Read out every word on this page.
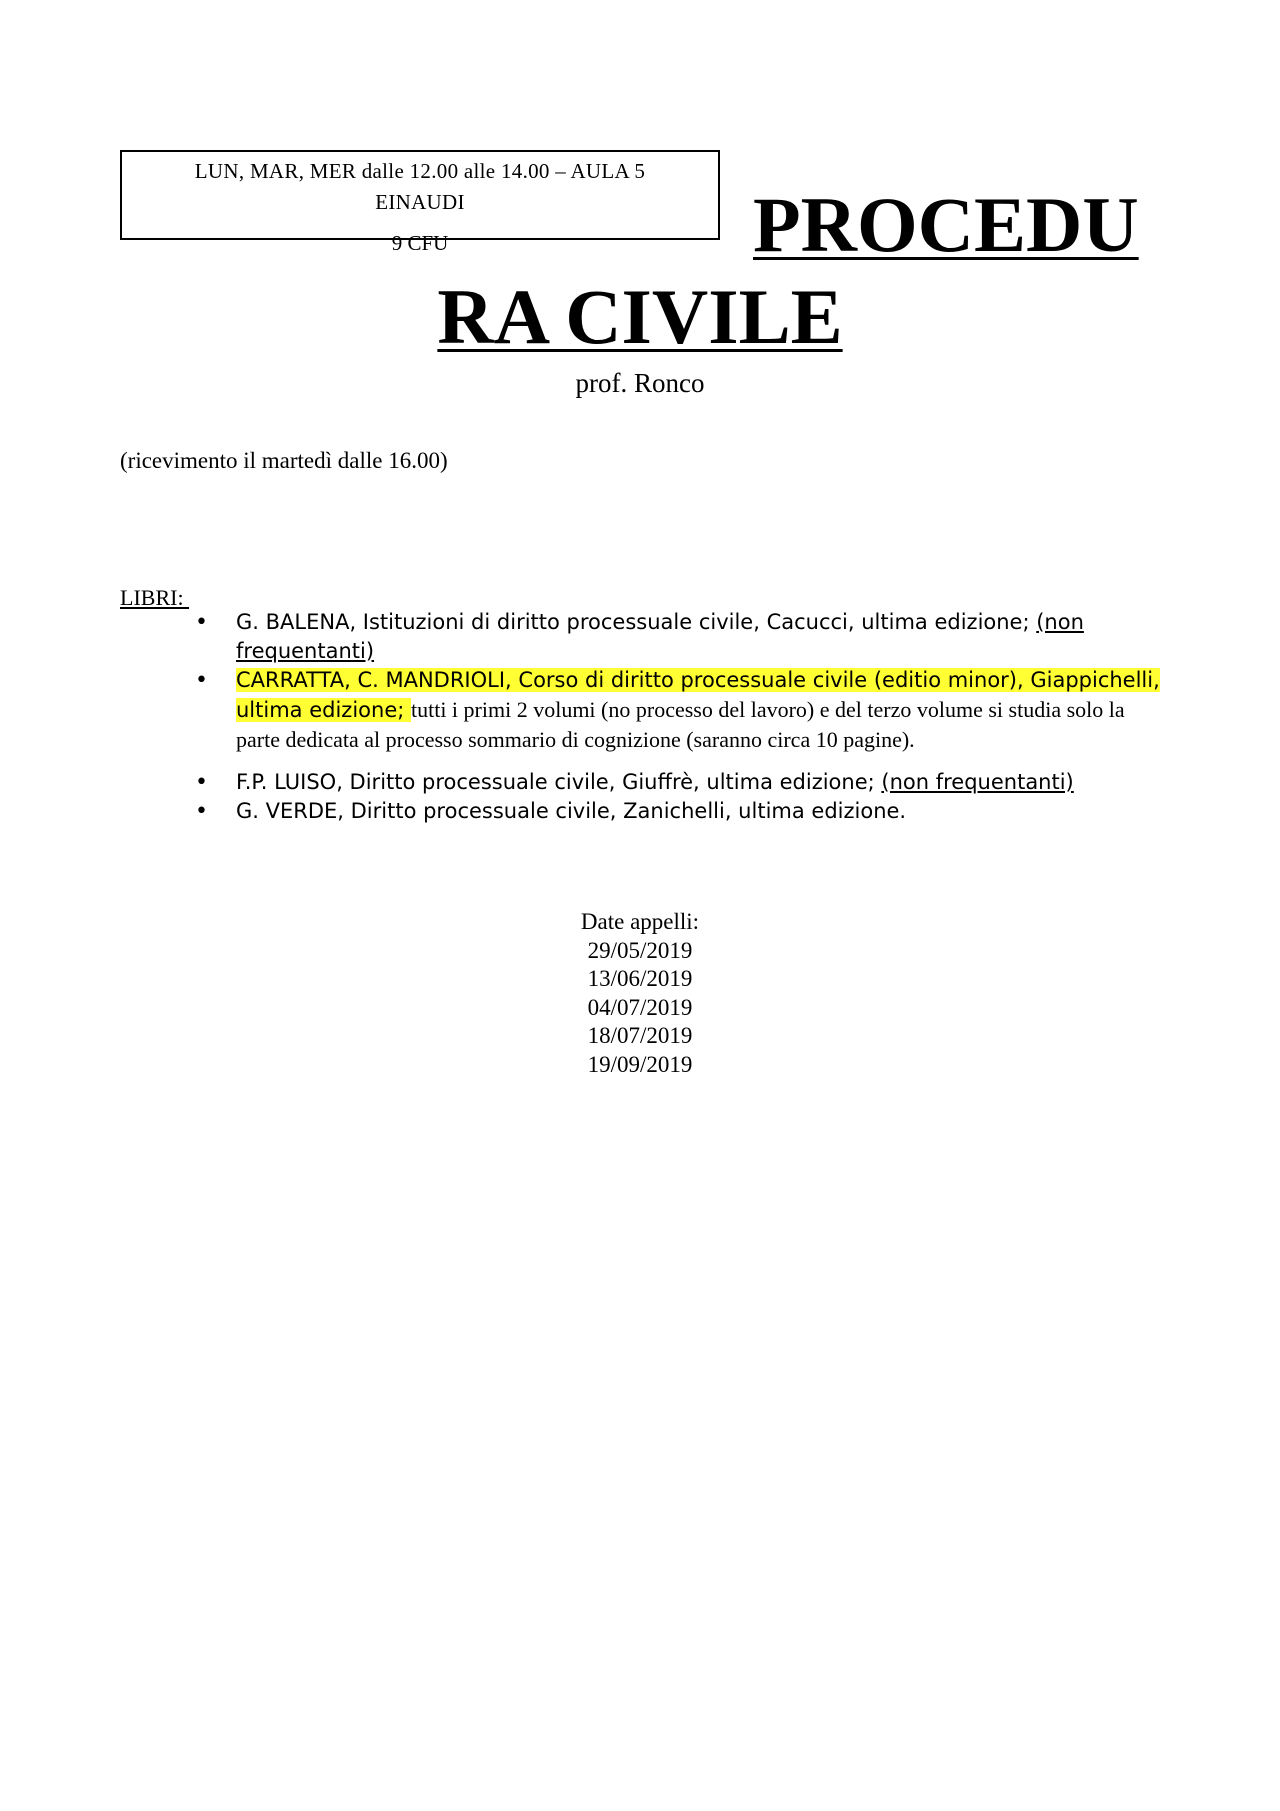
LUN, MAR, MER dalle 12.00 alle 14.00 – AULA 5
EINAUDI
9 CFU	PROCEDU
RA CIVILE
prof. Ronco
(ricevimento il martedì dalle 16.00)
LIBRI:
• G. BALENA, Istituzioni di diritto processuale civile, Cacucci, ultima edizione; (non frequentanti)
• CARRATTA, C. MANDRIOLI, Corso di diritto processuale civile (editio minor), Giappichelli, ultima edizione; tutti i primi 2 volumi (no processo del lavoro) e del terzo volume si studia solo la parte dedicata al processo sommario di cognizione (saranno circa 10 pagine).
• F.P. LUISO, Diritto processuale civile, Giuffrè, ultima edizione; (non frequentanti)
• G. VERDE, Diritto processuale civile, Zanichelli, ultima edizione.
Date appelli:
29/05/2019
13/06/2019
04/07/2019
18/07/2019
19/09/2019
